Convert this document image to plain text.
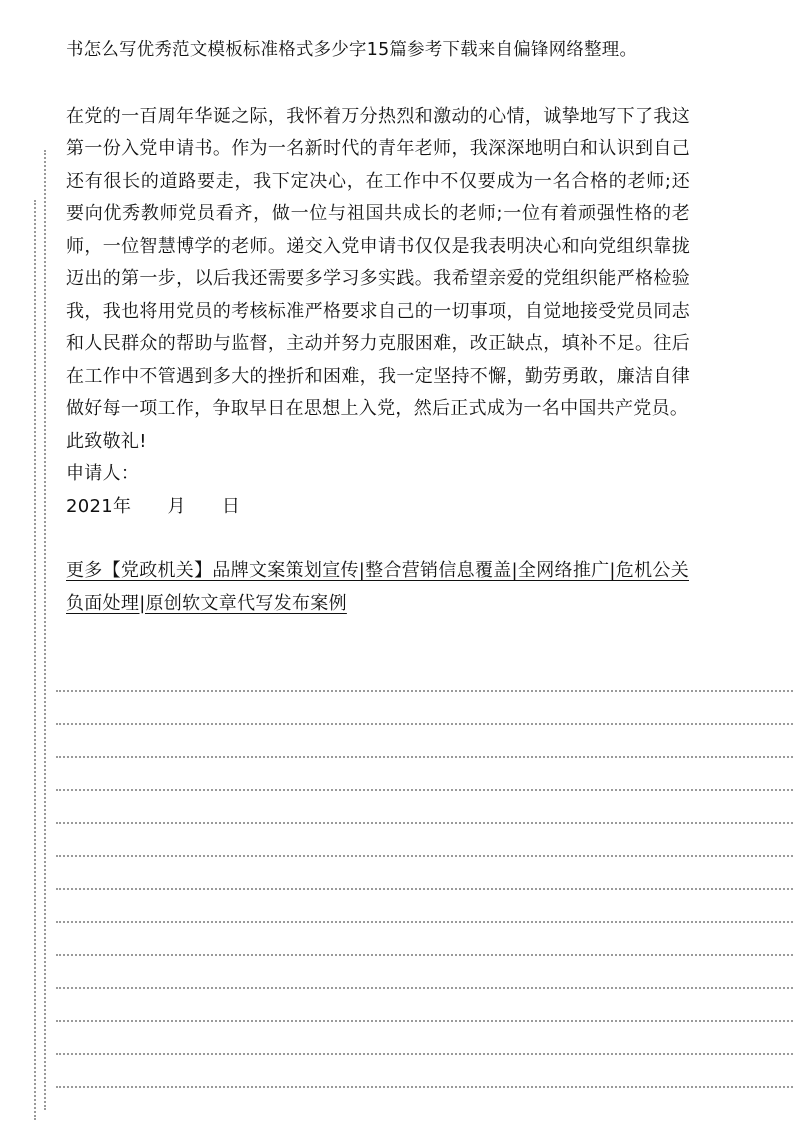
书怎么写优秀范文模板标准格式多少字15篇参考下载来自偏锋网络整理。

在党的一百周年华诞之际，我怀着万分热烈和激动的心情，诚挚地写下了我这第一份入党申请书。作为一名新时代的青年老师，我深深地明白和认识到自己还有很长的道路要走，我下定决心，在工作中不仅要成为一名合格的老师;还要向优秀教师党员看齐，做一位与祖国共成长的老师;一位有着顽强性格的老师，一位智慧博学的老师。递交入党申请书仅仅是我表明决心和向党组织靠拢迈出的第一步，以后我还需要多学习多实践。我希望亲爱的党组织能严格检验我，我也将用党员的考核标准严格要求自己的一切事项，自觉地接受党员同志和人民群众的帮助与监督，主动并努力克服困难，改正缺点，填补不足。往后在工作中不管遇到多大的挫折和困难，我一定坚持不懈，勤劳勇敢，廉洁自律做好每一项工作，争取早日在思想上入党，然后正式成为一名中国共产党员。

此致敬礼!

申请人：

2021年      月      日

更多【党政机关】品牌文案策划宣传|整合营销信息覆盖|全网络推广|危机公关负面处理|原创软文章代写发布案例
